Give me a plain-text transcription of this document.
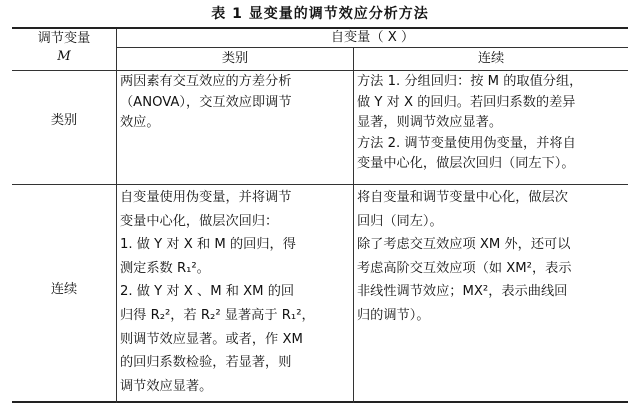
表 1 显变量的调节效应分析方法
调节变量
M
自变量（ X ）
类别	连续
类别
两因素有交互效应的方差分析
（ANOVA），交互效应即调节
效应。
方法 1. 分组回归：按 M 的取值分组，
做 Y 对 X 的回归。若回归系数的差异
显著，则调节效应显著。
方法 2. 调节变量使用伪变量，并将自
变量中心化，做层次回归（同左下）。
连续
自变量使用伪变量，并将调节
变量中心化，做层次回归：
1. 做 Y 对 X 和 M 的回归，得
测定系数 R₁²。
2. 做 Y 对 X 、M 和 XM 的回
归得 R₂²，若 R₂² 显著高于 R₁²，
则调节效应显著。或者，作 XM
的回归系数检验，若显著，则
调节效应显著。
将自变量和调节变量中心化，做层次
回归（同左）。
除了考虑交互效应项 XM 外，还可以
考虑高阶交互效应项（如 XM²，表示
非线性调节效应；MX²，表示曲线回
归的调节）。
